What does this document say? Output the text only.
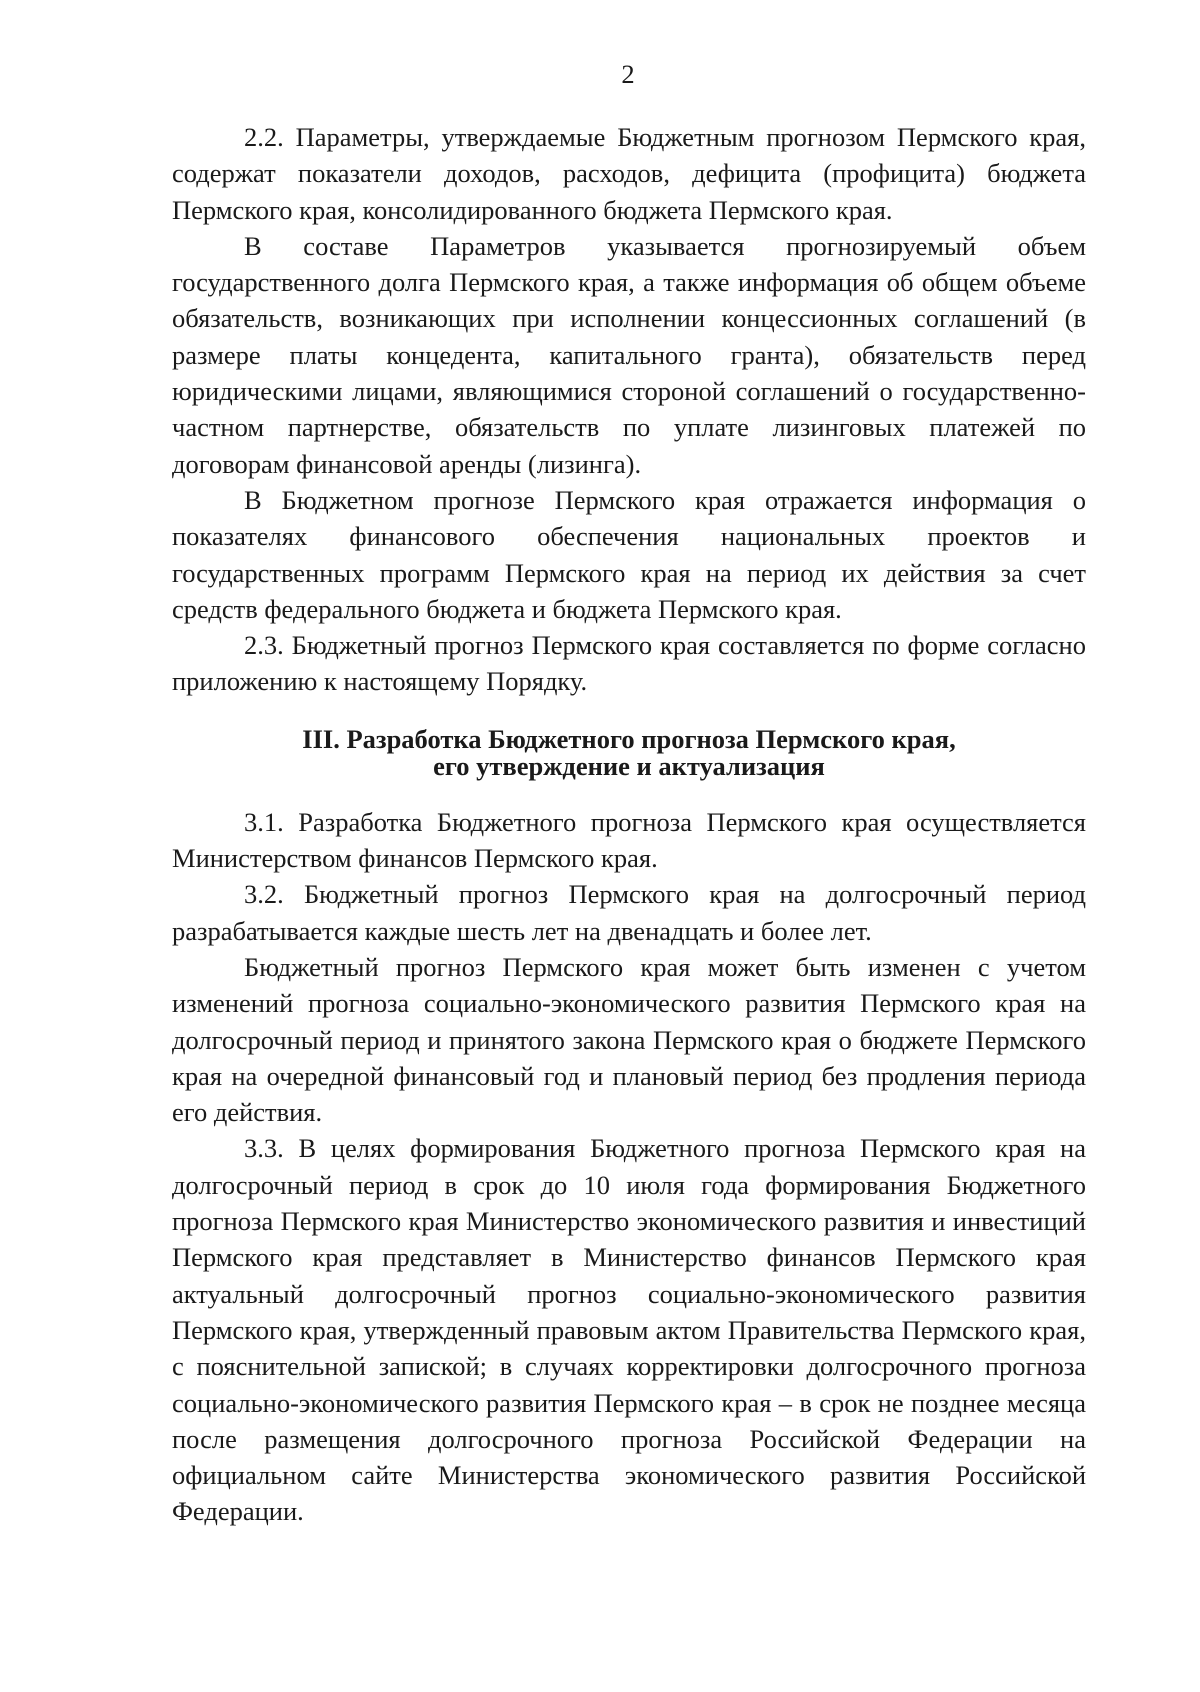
2

2.2. Параметры, утверждаемые Бюджетным прогнозом Пермского края, содержат показатели доходов, расходов, дефицита (профицита) бюджета Пермского края, консолидированного бюджета Пермского края.

В составе Параметров указывается прогнозируемый объем государственного долга Пермского края, а также информация об общем объеме обязательств, возникающих при исполнении концессионных соглашений (в размере платы концедента, капитального гранта), обязательств перед юридическими лицами, являющимися стороной соглашений о государственно-частном партнерстве, обязательств по уплате лизинговых платежей по договорам финансовой аренды (лизинга).

В Бюджетном прогнозе Пермского края отражается информация о показателях финансового обеспечения национальных проектов и государственных программ Пермского края на период их действия за счет средств федерального бюджета и бюджета Пермского края.

2.3. Бюджетный прогноз Пермского края составляется по форме согласно приложению к настоящему Порядку.

III. Разработка Бюджетного прогноза Пермского края,
его утверждение и актуализация

3.1. Разработка Бюджетного прогноза Пермского края осуществляется Министерством финансов Пермского края.

3.2. Бюджетный прогноз Пермского края на долгосрочный период разрабатывается каждые шесть лет на двенадцать и более лет.

Бюджетный прогноз Пермского края может быть изменен с учетом изменений прогноза социально-экономического развития Пермского края на долгосрочный период и принятого закона Пермского края о бюджете Пермского края на очередной финансовый год и плановый период без продления периода его действия.

3.3. В целях формирования Бюджетного прогноза Пермского края на долгосрочный период в срок до 10 июля года формирования Бюджетного прогноза Пермского края Министерство экономического развития и инвестиций Пермского края представляет в Министерство финансов Пермского края актуальный долгосрочный прогноз социально-экономического развития Пермского края, утвержденный правовым актом Правительства Пермского края, с пояснительной запиской; в случаях корректировки долгосрочного прогноза социально-экономического развития Пермского края – в срок не позднее месяца после размещения долгосрочного прогноза Российской Федерации на официальном сайте Министерства экономического развития Российской Федерации.
